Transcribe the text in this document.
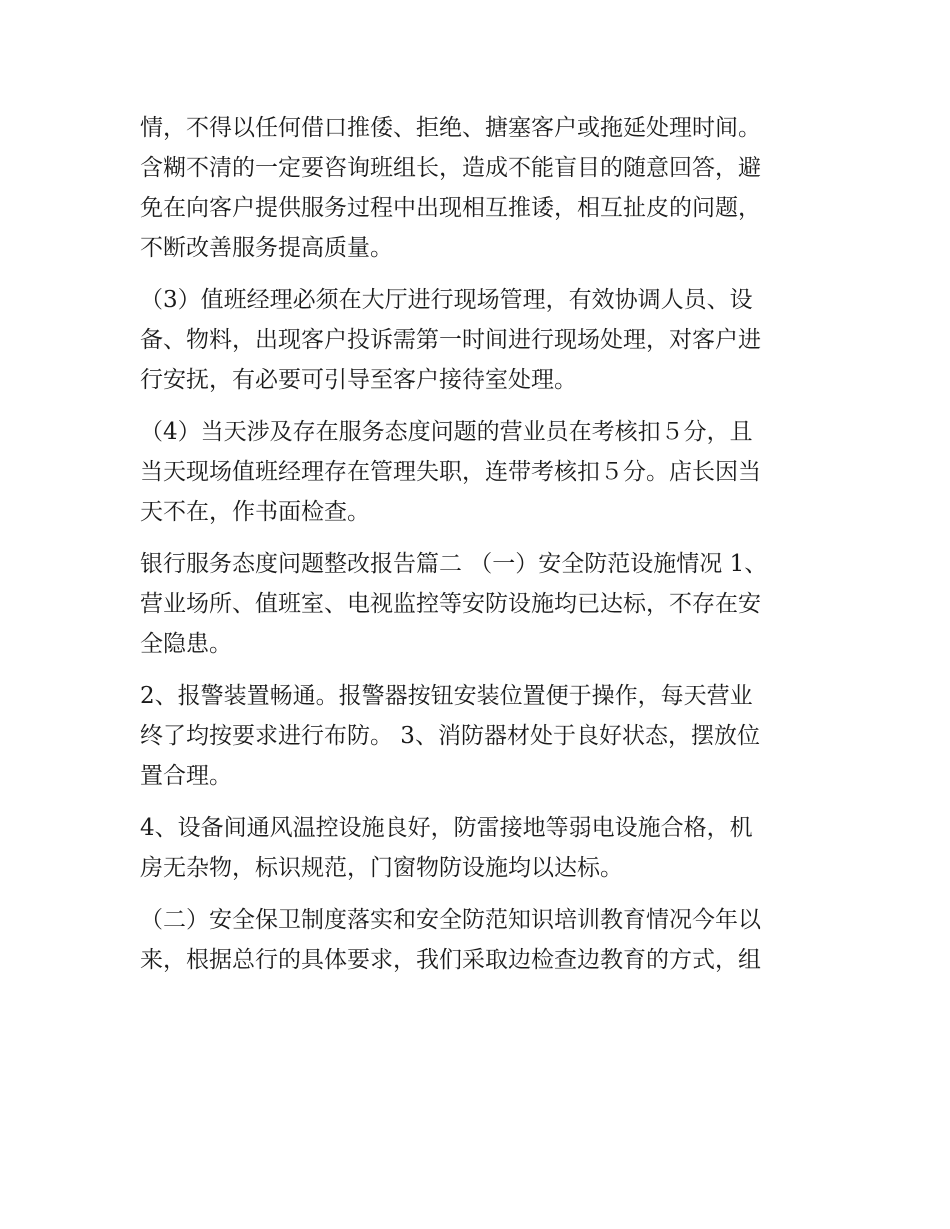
情，不得以任何借口推倭、拒绝、搪塞客户或拖延处理时间。
含糊不清的一定要咨询班组长，造成不能盲目的随意回答，避
免在向客户提供服务过程中出现相互推诿，相互扯皮的问题，
不断改善服务提高质量。
（3）值班经理必须在大厅进行现场管理，有效协调人员、设
备、物料，出现客户投诉需第一时间进行现场处理，对客户进
行安抚，有必要可引导至客户接待室处理。
（4）当天涉及存在服务态度问题的营业员在考核扣５分，且
当天现场值班经理存在管理失职，连带考核扣５分。店长因当
天不在，作书面检查。
银行服务态度问题整改报告篇二 （一）安全防范设施情况 1、
营业场所、值班室、电视监控等安防设施均已达标，不存在安
全隐患。
2、报警装置畅通。报警器按钮安装位置便于操作，每天营业
终了均按要求进行布防。 3、消防器材处于良好状态，摆放位
置合理。
4、设备间通风温控设施良好，防雷接地等弱电设施合格，机
房无杂物，标识规范，门窗物防设施均以达标。
（二）安全保卫制度落实和安全防范知识培训教育情况今年以
来，根据总行的具体要求，我们采取边检查边教育的方式，组
